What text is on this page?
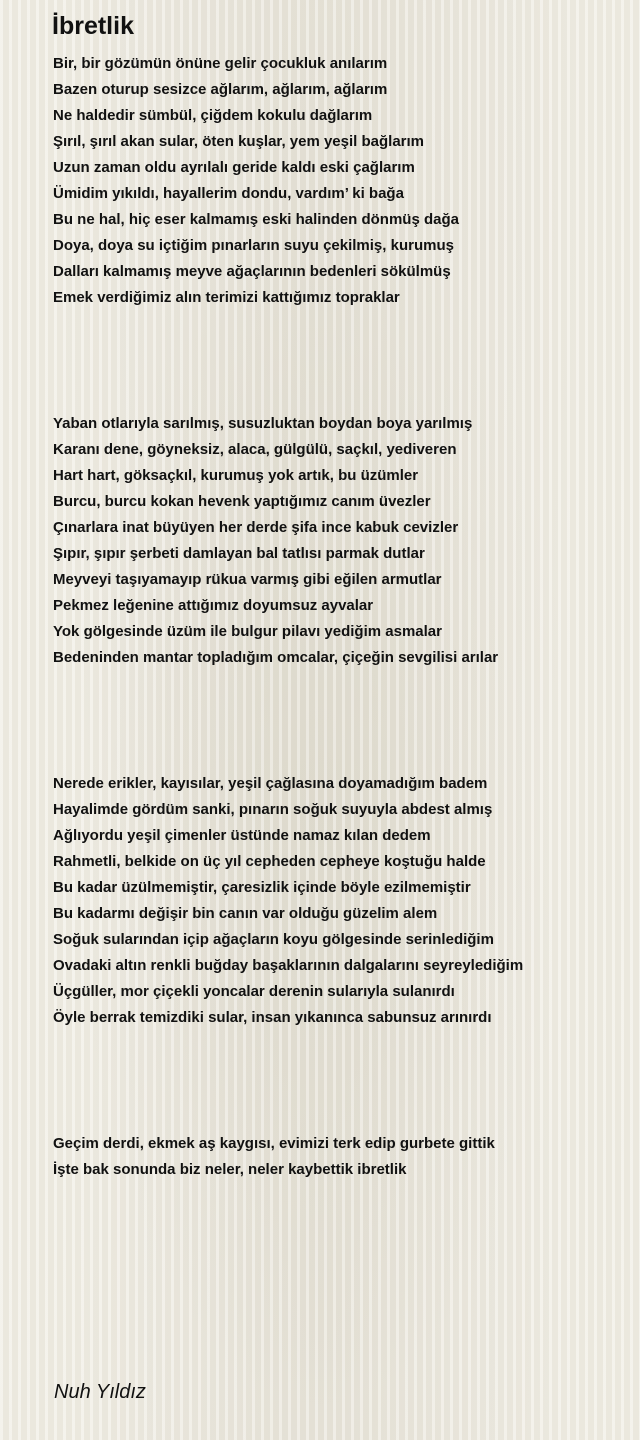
İbretlik
Bir, bir gözümün önüne gelir çocukluk anılarım
Bazen oturup sesizce ağlarım, ağlarım, ağlarım
Ne haldedir sümbül, çiğdem kokulu dağlarım
Şırıl, şırıl akan sular, öten kuşlar, yem yeşil bağlarım
Uzun zaman oldu ayrılalı geride kaldı eski çağlarım
Ümidim yıkıldı, hayallerim dondu, vardım’ ki bağa
Bu ne hal, hiç eser kalmamış eski halinden dönmüş dağa
Doya, doya su içtiğim pınarların suyu çekilmiş, kurumuş
Dalları kalmamış meyve ağaçlarının bedenleri sökülmüş
Emek verdiğimiz alın terimizi kattığımız topraklar
Yaban otlarıyla sarılmış, susuzluktan boydan boya yarılmış
Karanı dene, göyneksiz, alaca, gülgülü, saçkıl, yediveren
Hart hart, göksaçkıl, kurumuş yok artık, bu üzümler
Burcu, burcu kokan hevenk yaptığımız canım üvezler
Çınarlara inat büyüyen her derde şifa ince kabuk cevizler
Şıpır, şıpır şerbeti damlayan bal tatlısı parmak dutlar
Meyveyi taşıyamayıp rükua varmış gibi eğilen armutlar
Pekmez leğenine attığımız doyumsuz ayvalar
Yok gölgesinde üzüm ile bulgur pilavı yediğim asmalar
Bedeninden mantar topladığım omcalar, çiçeğin sevgilisi arılar
Nerede erikler, kayısılar, yeşil çağlasına doyamadığım badem
Hayalimde gördüm sanki, pınarın soğuk suyuyla abdest almış
Ağlıyordu yeşil çimenler üstünde namaz kılan dedem
Rahmetli, belkide on üç yıl cepheden cepheye koştuğu halde
Bu kadar üzülmemiştir, çaresizlik içinde böyle ezilmemiştir
Bu kadarmı değişir bin canın var olduğu güzelim alem
Soğuk sularından içip ağaçların koyu gölgesinde serinlediğim
Ovadaki altın renkli buğday başaklarının dalgalarını seyreylediğim
Üçgüller, mor çiçekli yoncalar derenin sularıyla sulanırdı
Öyle berrak temizdiki sular, insan yıkanınca sabunsuz arınırdı
Geçim derdi, ekmek aş kaygısı, evimizi terk edip gurbete gittik
İşte bak sonunda biz neler, neler kaybettik ibretlik

Nuh Yıldız
